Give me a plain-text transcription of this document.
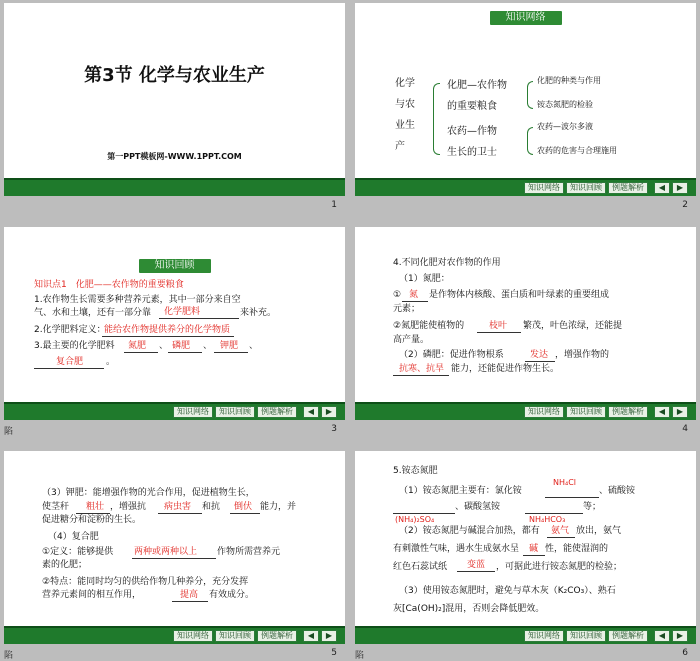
第3节 化学与农业生产
第一PPT模板网-WWW.1PPT.COM
1
知识网络
化学
与农
业生
产
化肥—农作物
的重要粮食
农药—作物
生长的卫士
化肥的种类与作用
铵态氮肥的检验
农药—波尔多液
农药的危害与合理施用
知识网络	知识回顾	例题解析	◀	▶
2
知识回顾
知识点1　化肥——农作物的重要粮食
1.农作物生长需要多种营养元素，其中一部分来自空
气、水和土壤，还有一部分靠 化学肥料	来补充。
2.化学肥料定义：
能给农作物提供养分的化学物质
3.最主要的化学肥料 氮肥 、 磷肥 、 钾肥 、
复合肥	。
知识网络	知识回顾	例题解析	◀	▶
陷	3
4.不同化肥对农作物的作用
（1）氮肥：
① 氮 是作物体内核酸、蛋白质和叶绿素的重要组成
元素；
②氮肥能使植物的	枝叶 繁茂，叶色浓绿，还能提
高产量。
（2）磷肥：促进作物根系	发达 ，增强作物的
抗寒、抗旱 能力，还能促进作物生长。
知识网络	知识回顾	例题解析	◀	▶
4
（3）钾肥：能增强作物的光合作用，促进植物生长，
使茎秆 粗壮 ，增强抗 病虫害 和抗 倒伏 能力，并
促进糖分和淀粉的生长。
（4）复合肥
①定义：能够提供 两种或两种以上 作物所需营养元
素的化肥；
②特点：能同时均匀的供给作物几种养分，充分发挥
营养元素间的相互作用，	提高 有效成分。
知识网络	知识回顾	例题解析	◀	▶
陷	5
5.铵态氮肥
（1）铵态氮肥主要有：氯化铵
NH₄Cl
、硫酸铵
(NH₄)₂SO₄
、碳酸氢铵
NH₄HCO₃
等；
（2）铵态氮肥与碱混合加热，都有 氨气 放出，氨气
有刺激性气味，遇水生成氨水呈 碱 性，能使湿润的
红色石蕊试纸 变蓝 ，可据此进行铵态氮肥的检验；
（3）使用铵态氮肥时，避免与草木灰（K₂CO₃）、熟石
灰[Ca(OH)₂]混用，否则会降低肥效。
知识网络	知识回顾	例题解析	◀	▶
陷	6
